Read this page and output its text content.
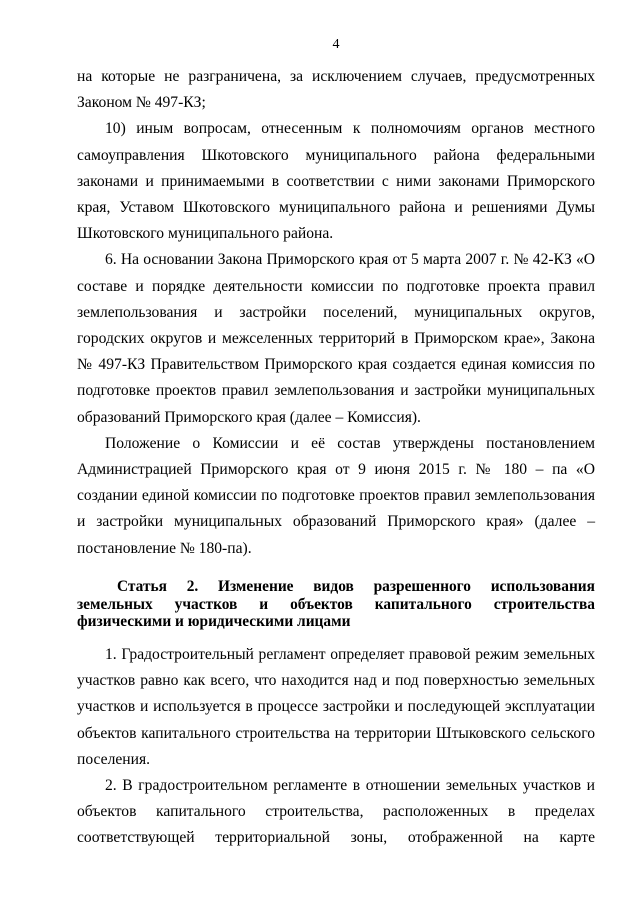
4

на которые не разграничена, за исключением случаев, предусмотренных Законом № 497-КЗ;

10) иным вопросам, отнесенным к полномочиям органов местного самоуправления Шкотовского муниципального района федеральными законами и принимаемыми в соответствии с ними законами Приморского края, Уставом Шкотовского муниципального района и решениями Думы Шкотовского муниципального района.

6. На основании Закона Приморского края от 5 марта 2007 г. № 42-КЗ «О составе и порядке деятельности комиссии по подготовке проекта правил землепользования и застройки поселений, муниципальных округов, городских округов и межселенных территорий в Приморском крае», Закона № 497-КЗ Правительством Приморского края создается единая комиссия по подготовке проектов правил землепользования и застройки муниципальных образований Приморского края (далее – Комиссия).

Положение о Комиссии и её состав утверждены постановлением Администрацией Приморского края от 9 июня 2015 г. № 180 – па «О создании единой комиссии по подготовке проектов правил землепользования и застройки муниципальных образований Приморского края» (далее – постановление № 180-па).

Статья 2. Изменение видов разрешенного использования земельных участков и объектов капитального строительства физическими и юридическими лицами

1. Градостроительный регламент определяет правовой режим земельных участков равно как всего, что находится над и под поверхностью земельных участков и используется в процессе застройки и последующей эксплуатации объектов капитального строительства на территории Штыковского сельского поселения.

2. В градостроительном регламенте в отношении земельных участков и объектов капитального строительства, расположенных в пределах соответствующей территориальной зоны, отображенной на карте
